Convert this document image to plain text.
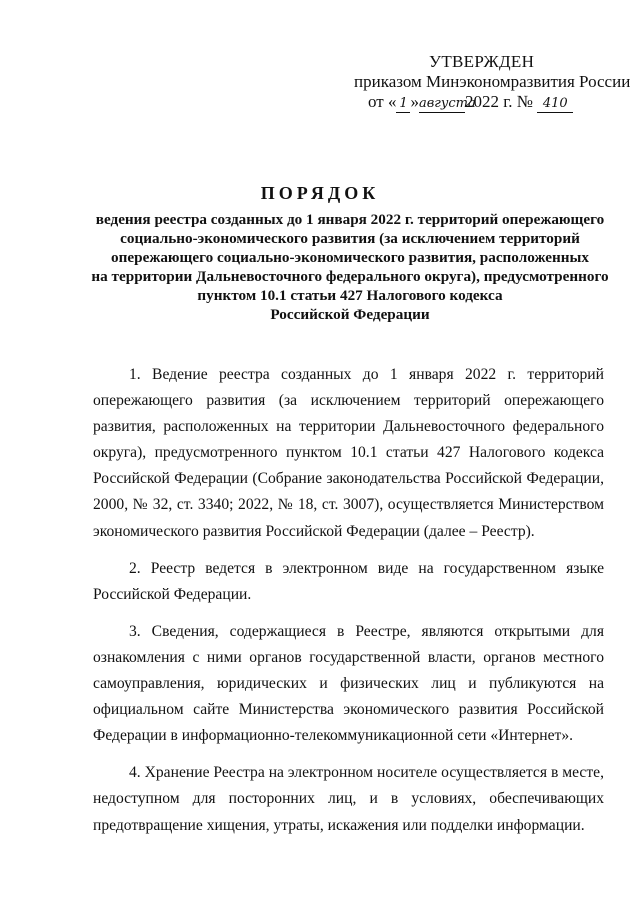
УТВЕРЖДЕН
приказом Минэкономразвития России
от « 1 »августа2022 г. № 410
ПОРЯДОК
ведения реестра созданных до 1 января 2022 г. территорий опережающего
социально-экономического развития (за исключением территорий
опережающего социально-экономического развития, расположенных
на территории Дальневосточного федерального округа), предусмотренного
пунктом 10.1 статьи 427 Налогового кодекса
Российской Федерации

1. Ведение реестра созданных до 1 января 2022 г. территорий опережающего развития (за исключением территорий опережающего развития, расположенных на территории Дальневосточного федерального округа), предусмотренного пунктом 10.1 статьи 427 Налогового кодекса Российской Федерации (Собрание законодательства Российской Федерации, 2000, № 32, ст. 3340; 2022, № 18, ст. 3007), осуществляется Министерством экономического развития Российской Федерации (далее – Реестр).

2. Реестр ведется в электронном виде на государственном языке Российской Федерации.

3. Сведения, содержащиеся в Реестре, являются открытыми для ознакомления с ними органов государственной власти, органов местного самоуправления, юридических и физических лиц и публикуются на официальном сайте Министерства экономического развития Российской Федерации в информационно-телекоммуникационной сети «Интернет».

4. Хранение Реестра на электронном носителе осуществляется в месте, недоступном для посторонних лиц, и в условиях, обеспечивающих предотвращение хищения, утраты, искажения или подделки информации.
